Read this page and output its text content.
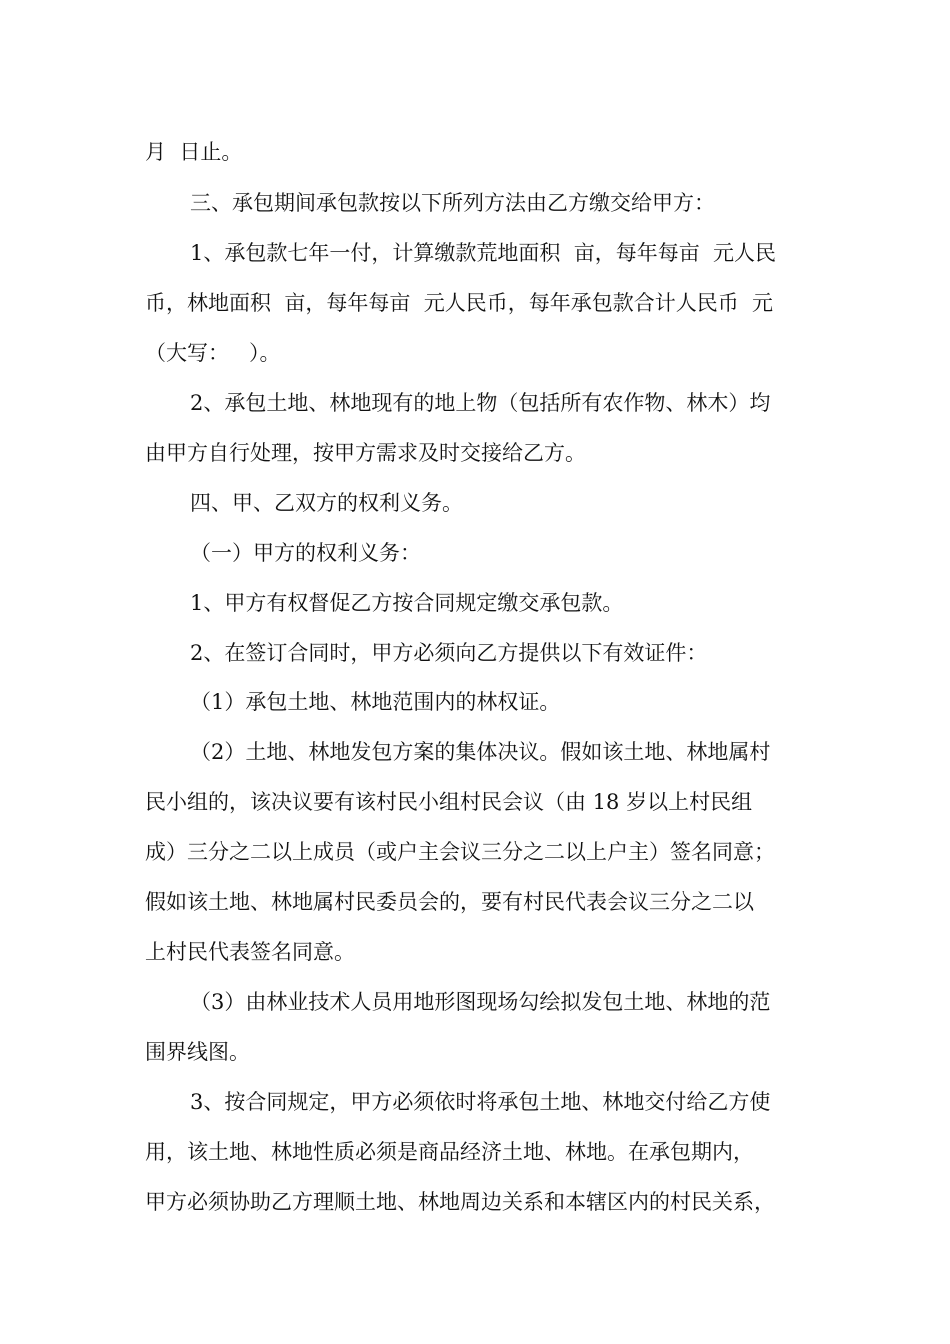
月  日止。
三、承包期间承包款按以下所列方法由乙方缴交给甲方：
1、承包款七年一付，计算缴款荒地面积  亩，每年每亩  元人民
币，林地面积  亩，每年每亩  元人民币，每年承包款合计人民币  元
（大写：   ）。
2、承包土地、林地现有的地上物（包括所有农作物、林木）均
由甲方自行处理，按甲方需求及时交接给乙方。
四、甲、乙双方的权利义务。
（一）甲方的权利义务：
1、甲方有权督促乙方按合同规定缴交承包款。
2、在签订合同时，甲方必须向乙方提供以下有效证件：
（1）承包土地、林地范围内的林权证。
（2）土地、林地发包方案的集体决议。假如该土地、林地属村
民小组的，该决议要有该村民小组村民会议（由 18 岁以上村民组
成）三分之二以上成员（或户主会议三分之二以上户主）签名同意；
假如该土地、林地属村民委员会的，要有村民代表会议三分之二以
上村民代表签名同意。
（3）由林业技术人员用地形图现场勾绘拟发包土地、林地的范
围界线图。
3、按合同规定，甲方必须依时将承包土地、林地交付给乙方使
用，该土地、林地性质必须是商品经济土地、林地。在承包期内，
甲方必须协助乙方理顺土地、林地周边关系和本辖区内的村民关系，
